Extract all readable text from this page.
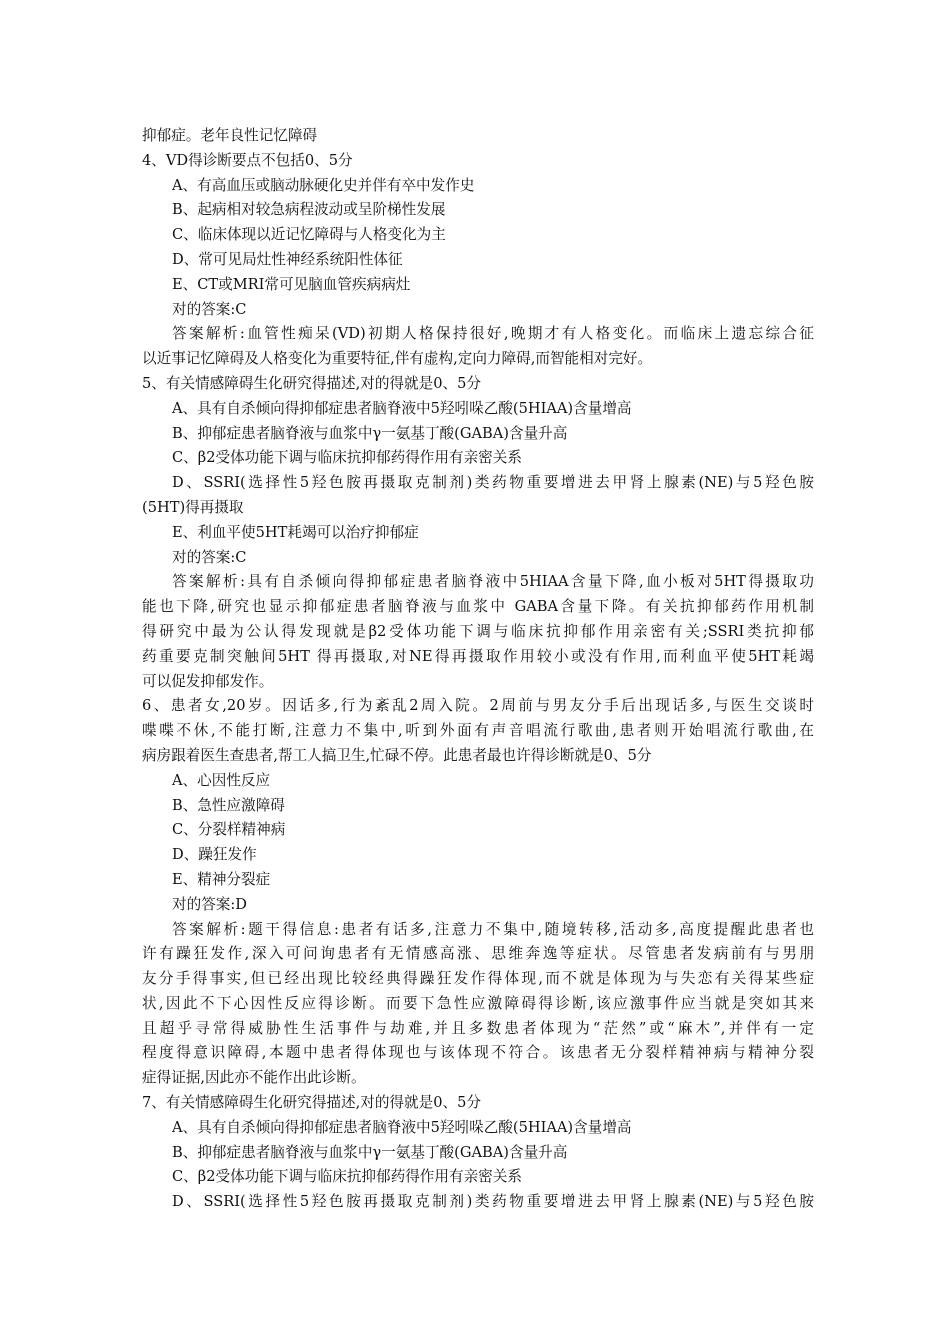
抑郁症。老年良性记忆障碍
4、VD得诊断要点不包括0、5分
A、有高血压或脑动脉硬化史并伴有卒中发作史
B、起病相对较急病程波动或呈阶梯性发展
C、临床体现以近记忆障碍与人格变化为主
D、常可见局灶性神经系统阳性体征
E、CT或MRI常可见脑血管疾病病灶
对的答案:C
答案解析:血管性痴呆(VD)初期人格保持很好,晚期才有人格变化。而临床上遗忘综合征
以近事记忆障碍及人格变化为重要特征,伴有虚构,定向力障碍,而智能相对完好。
5、有关情感障碍生化研究得描述,对的得就是0、5分
A、具有自杀倾向得抑郁症患者脑脊液中5羟吲哚乙酸(5HIAA)含量增高
B、抑郁症患者脑脊液与血浆中γ一氨基丁酸(GABA)含量升高
C、β2受体功能下调与临床抗抑郁药得作用有亲密关系
D、SSRI(选择性5羟色胺再摄取克制剂)类药物重要增进去甲肾上腺素(NE)与5羟色胺
(5HT)得再摄取
E、利血平使5HT耗竭可以治疗抑郁症
对的答案:C
答案解析:具有自杀倾向得抑郁症患者脑脊液中5HIAA含量下降,血小板对5HT得摄取功
能也下降,研究也显示抑郁症患者脑脊液与血浆中 GABA含量下降。有关抗抑郁药作用机制
得研究中最为公认得发现就是β2受体功能下调与临床抗抑郁作用亲密有关;SSRI类抗抑郁
药重要克制突触间5HT 得再摄取,对NE得再摄取作用较小或没有作用,而利血平使5HT耗竭
可以促发抑郁发作。
6、患者女,20岁。因话多,行为紊乱2周入院。2周前与男友分手后出现话多,与医生交谈时
喋喋不休,不能打断,注意力不集中,听到外面有声音唱流行歌曲,患者则开始唱流行歌曲,在
病房跟着医生查患者,帮工人搞卫生,忙碌不停。此患者最也许得诊断就是0、5分
A、心因性反应
B、急性应激障碍
C、分裂样精神病
D、躁狂发作
E、精神分裂症
对的答案:D
答案解析:题干得信息:患者有话多,注意力不集中,随境转移,活动多,高度提醒此患者也
许有躁狂发作,深入可问询患者有无情感高涨、思维奔逸等症状。尽管患者发病前有与男朋
友分手得事实,但已经出现比较经典得躁狂发作得体现,而不就是体现为与失恋有关得某些症
状,因此不下心因性反应得诊断。而要下急性应激障碍得诊断,该应激事件应当就是突如其来
且超乎寻常得威胁性生活事件与劫难,并且多数患者体现为“茫然”或“麻木”,并伴有一定
程度得意识障碍,本题中患者得体现也与该体现不符合。该患者无分裂样精神病与精神分裂
症得证据,因此亦不能作出此诊断。
7、有关情感障碍生化研究得描述,对的得就是0、5分
A、具有自杀倾向得抑郁症患者脑脊液中5羟吲哚乙酸(5HIAA)含量增高
B、抑郁症患者脑脊液与血浆中γ一氨基丁酸(GABA)含量升高
C、β2受体功能下调与临床抗抑郁药得作用有亲密关系
D、SSRI(选择性5羟色胺再摄取克制剂)类药物重要增进去甲肾上腺素(NE)与5羟色胺
